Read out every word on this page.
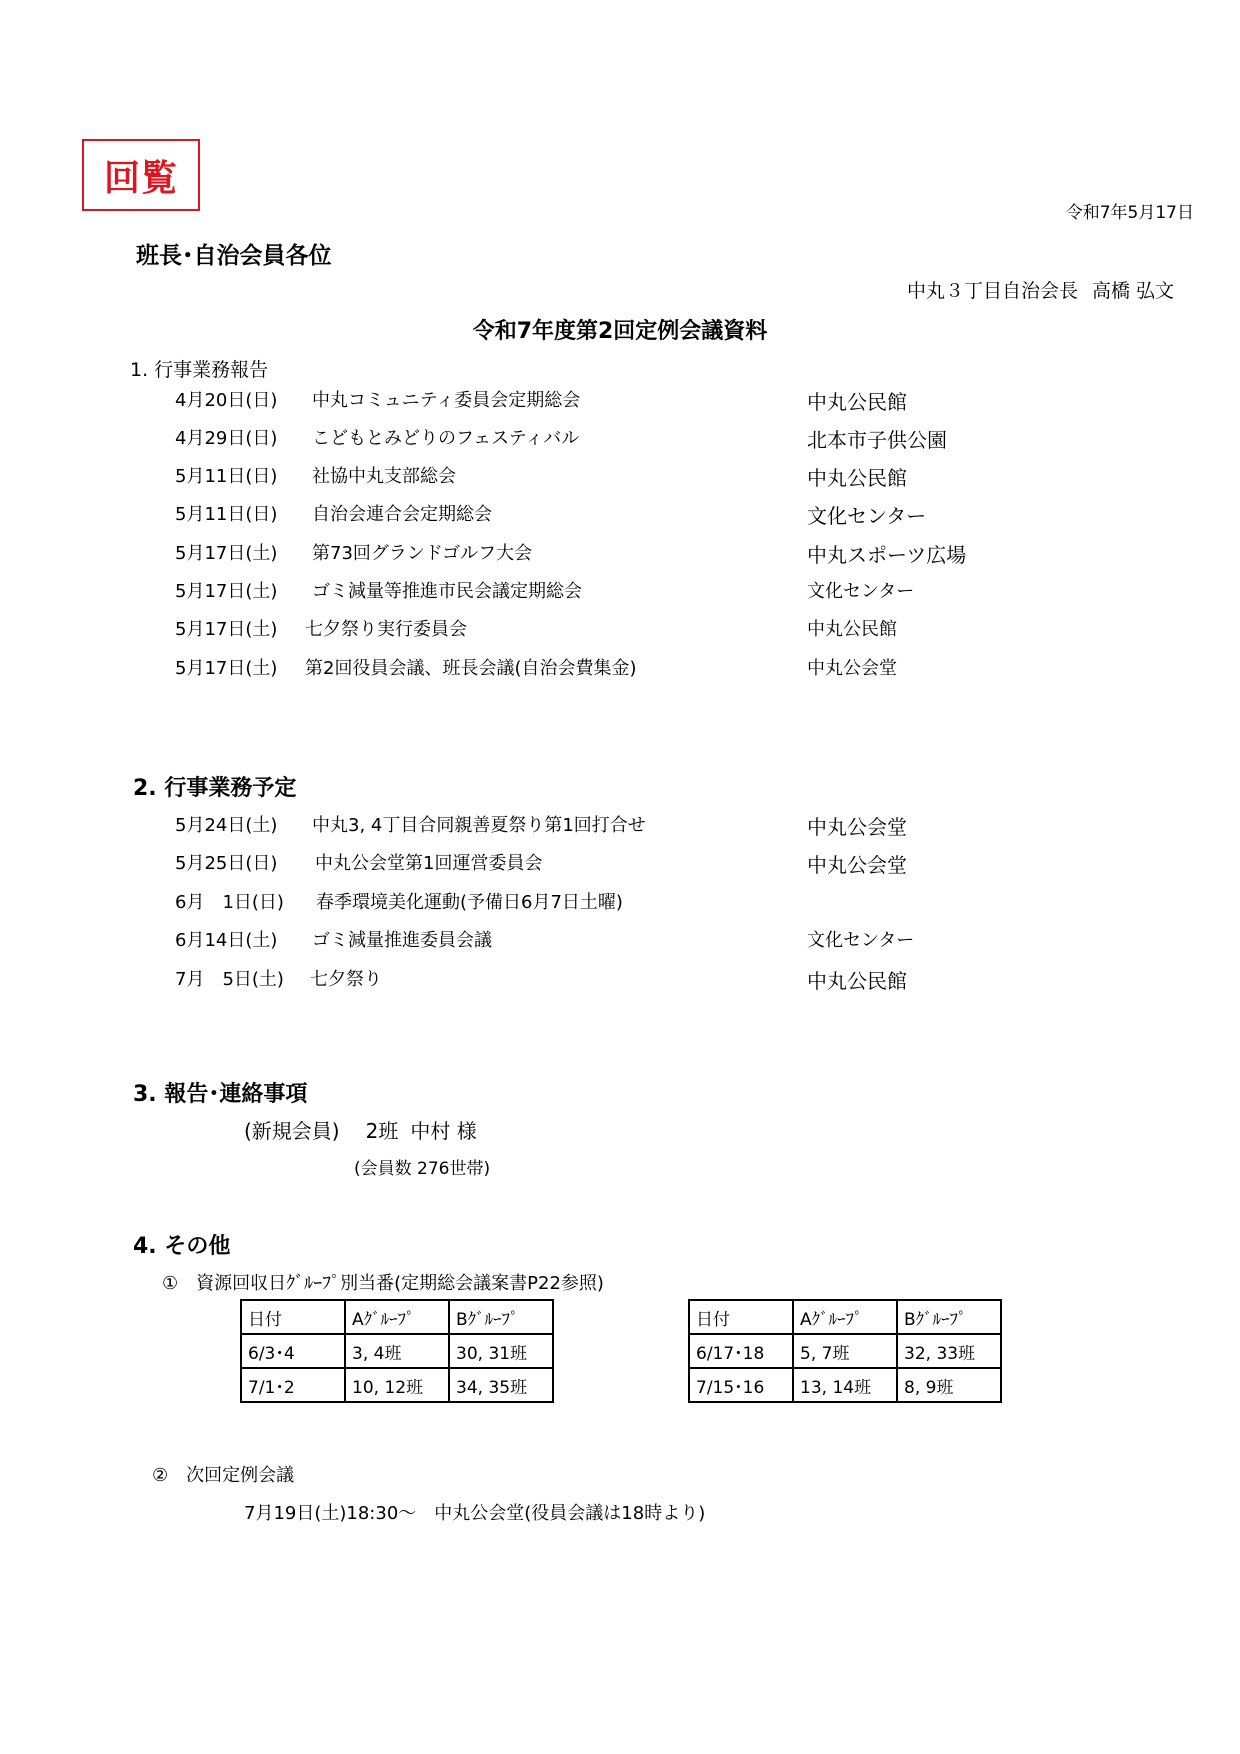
回覧
令和7年5月17日
班長･自治会員各位
中丸３丁目自治会長 高橋 弘文
令和7年度第2回定例会議資料
1. 行事業務報告
4月20日(日) 中丸コミュニティ委員会定期総会	中丸公民館
4月29日(日) こどもとみどりのフェスティバル	北本市子供公園
5月11日(日) 社協中丸支部総会	中丸公民館
5月11日(日) 自治会連合会定期総会	文化センター
5月17日(土) 第73回グランドゴルフ大会	中丸スポーツ広場
5月17日(土) ゴミ減量等推進市民会議定期総会	文化センター
5月17日(土) 七夕祭り実行委員会	中丸公民館
5月17日(土) 第2回役員会議、班長会議(自治会費集金)	中丸公会堂
2. 行事業務予定
5月24日(土) 中丸3, 4丁目合同親善夏祭り第1回打合せ	中丸公会堂
5月25日(日) 中丸公会堂第1回運営委員会	中丸公会堂
6月　1日(日) 春季環境美化運動(予備日6月7日土曜)
6月14日(土) ゴミ減量推進委員会議	文化センター
7月　5日(土) 七夕祭り	中丸公民館
3. 報告･連絡事項
(新規会員) 2班 中村 様
(会員数 276世帯)
4. その他
①　資源回収日ｸﾞﾙｰﾌﾟ別当番(定期総会議案書P22参照)
日付	Aｸﾞﾙｰﾌﾟ	Bｸﾞﾙｰﾌﾟ
6/3･4	3, 4班	30, 31班
7/1･2	10, 12班	34, 35班
日付	Aｸﾞﾙｰﾌﾟ	Bｸﾞﾙｰﾌﾟ
6/17･18	5, 7班	32, 33班
7/15･16	13, 14班	8, 9班
②　次回定例会議
7月19日(土)18:30～　中丸公会堂(役員会議は18時より)
